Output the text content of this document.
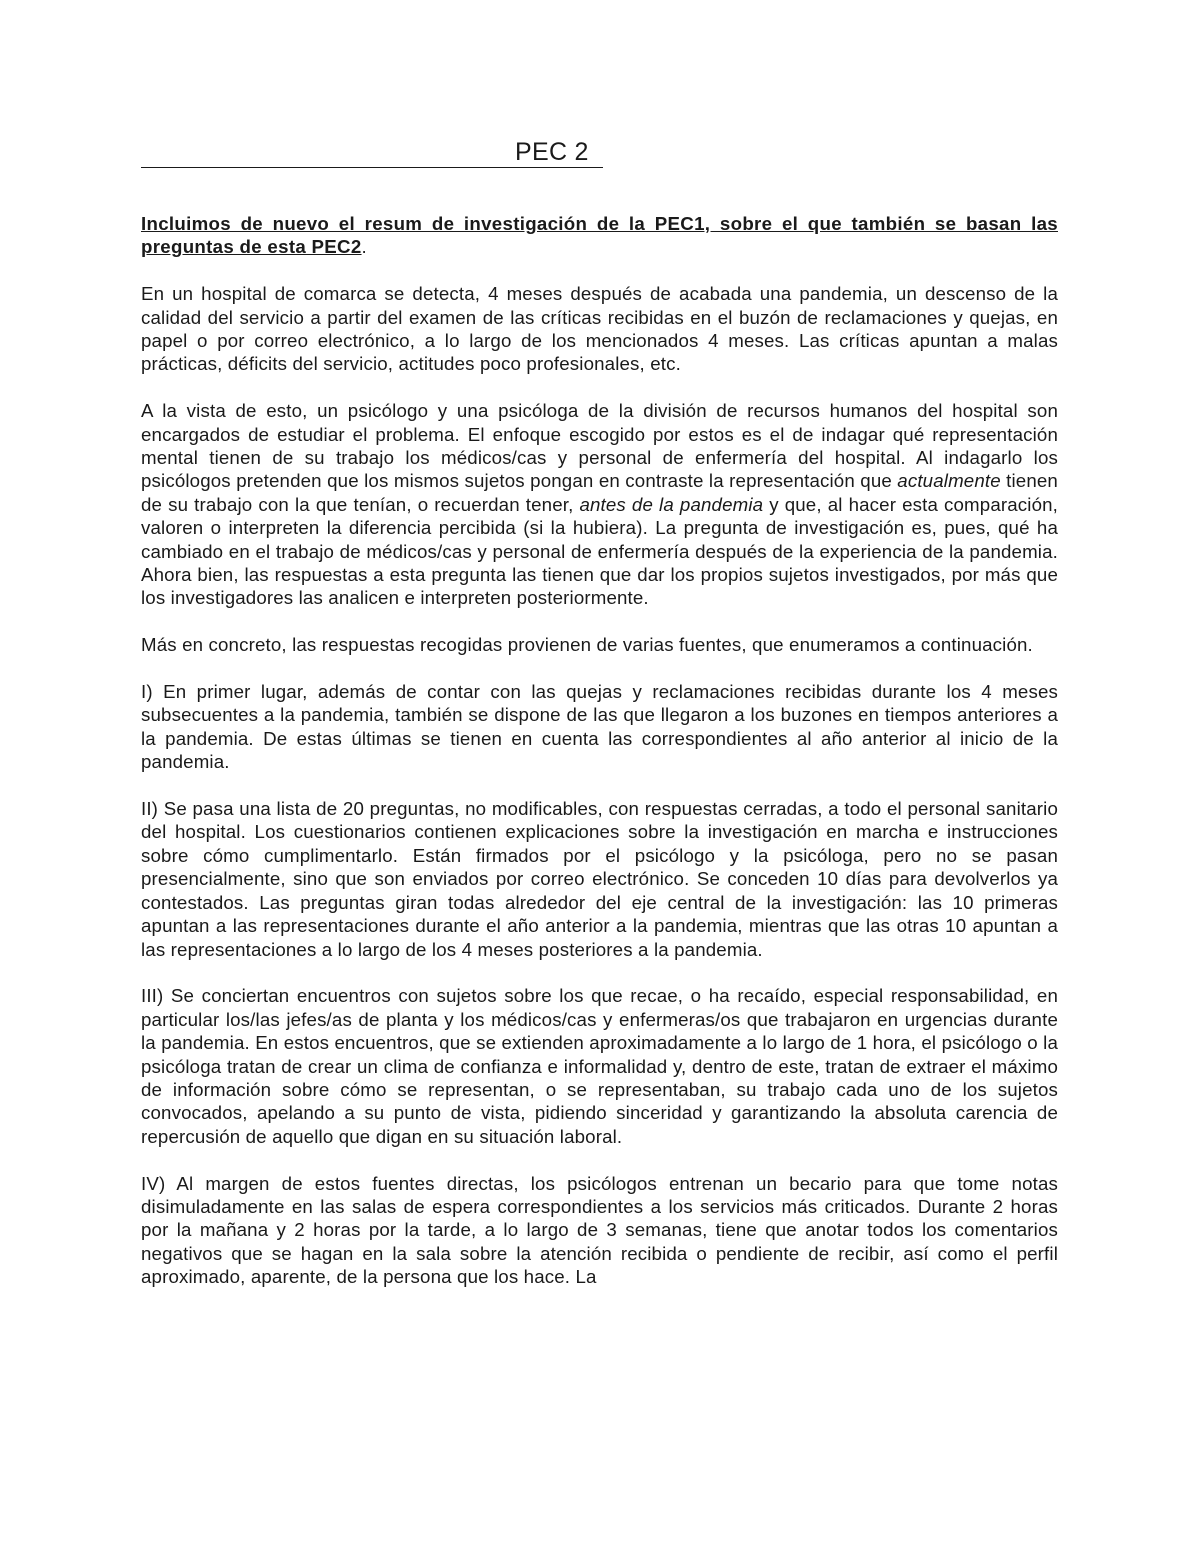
PEC 2

Incluimos de nuevo el resum de investigación de la PEC1, sobre el que también se basan las preguntas de esta PEC2.

En un hospital de comarca se detecta, 4 meses después de acabada una pandemia, un descenso de la calidad del servicio a partir del examen de las críticas recibidas en el buzón de reclamaciones y quejas, en papel o por correo electrónico, a lo largo de los mencionados 4 meses. Las críticas apuntan a malas prácticas, déficits del servicio, actitudes poco profesionales, etc.

A la vista de esto, un psicólogo y una psicóloga de la división de recursos humanos del hospital son encargados de estudiar el problema. El enfoque escogido por estos es el de indagar qué representación mental tienen de su trabajo los médicos/cas y personal de enfermería del hospital. Al indagarlo los psicólogos pretenden que los mismos sujetos pongan en contraste la representación que actualmente tienen de su trabajo con la que tenían, o recuerdan tener, antes de la pandemia y que, al hacer esta comparación, valoren o interpreten la diferencia percibida (si la hubiera). La pregunta de investigación es, pues, qué ha cambiado en el trabajo de médicos/cas y personal de enfermería después de la experiencia de la pandemia. Ahora bien, las respuestas a esta pregunta las tienen que dar los propios sujetos investigados, por más que los investigadores las analicen e interpreten posteriormente.

Más en concreto, las respuestas recogidas provienen de varias fuentes, que enumeramos a continuación.

I) En primer lugar, además de contar con las quejas y reclamaciones recibidas durante los 4 meses subsecuentes a la pandemia, también se dispone de las que llegaron a los buzones en tiempos anteriores a la pandemia. De estas últimas se tienen en cuenta las correspondientes al año anterior al inicio de la pandemia.

II) Se pasa una lista de 20 preguntas, no modificables, con respuestas cerradas, a todo el personal sanitario del hospital. Los cuestionarios contienen explicaciones sobre la investigación en marcha e instrucciones sobre cómo cumplimentarlo. Están firmados por el psicólogo y la psicóloga, pero no se pasan presencialmente, sino que son enviados por correo electrónico. Se conceden 10 días para devolverlos ya contestados. Las preguntas giran todas alrededor del eje central de la investigación: las 10 primeras apuntan a las representaciones durante el año anterior a la pandemia, mientras que las otras 10 apuntan a las representaciones a lo largo de los 4 meses posteriores a la pandemia.

III) Se conciertan encuentros con sujetos sobre los que recae, o ha recaído, especial responsabilidad, en particular los/las jefes/as de planta y los médicos/cas y enfermeras/os que trabajaron en urgencias durante la pandemia. En estos encuentros, que se extienden aproximadamente a lo largo de 1 hora, el psicólogo o la psicóloga tratan de crear un clima de confianza e informalidad y, dentro de este, tratan de extraer el máximo de información sobre cómo se representan, o se representaban, su trabajo cada uno de los sujetos convocados, apelando a su punto de vista, pidiendo sinceridad y garantizando la absoluta carencia de repercusión de aquello que digan en su situación laboral.

IV) Al margen de estos fuentes directas, los psicólogos entrenan un becario para que tome notas disimuladamente en las salas de espera correspondientes a los servicios más criticados. Durante 2 horas por la mañana y 2 horas por la tarde, a lo largo de 3 semanas, tiene que anotar todos los comentarios negativos que se hagan en la sala sobre la atención recibida o pendiente de recibir, así como el perfil aproximado, aparente, de la persona que los hace. La
